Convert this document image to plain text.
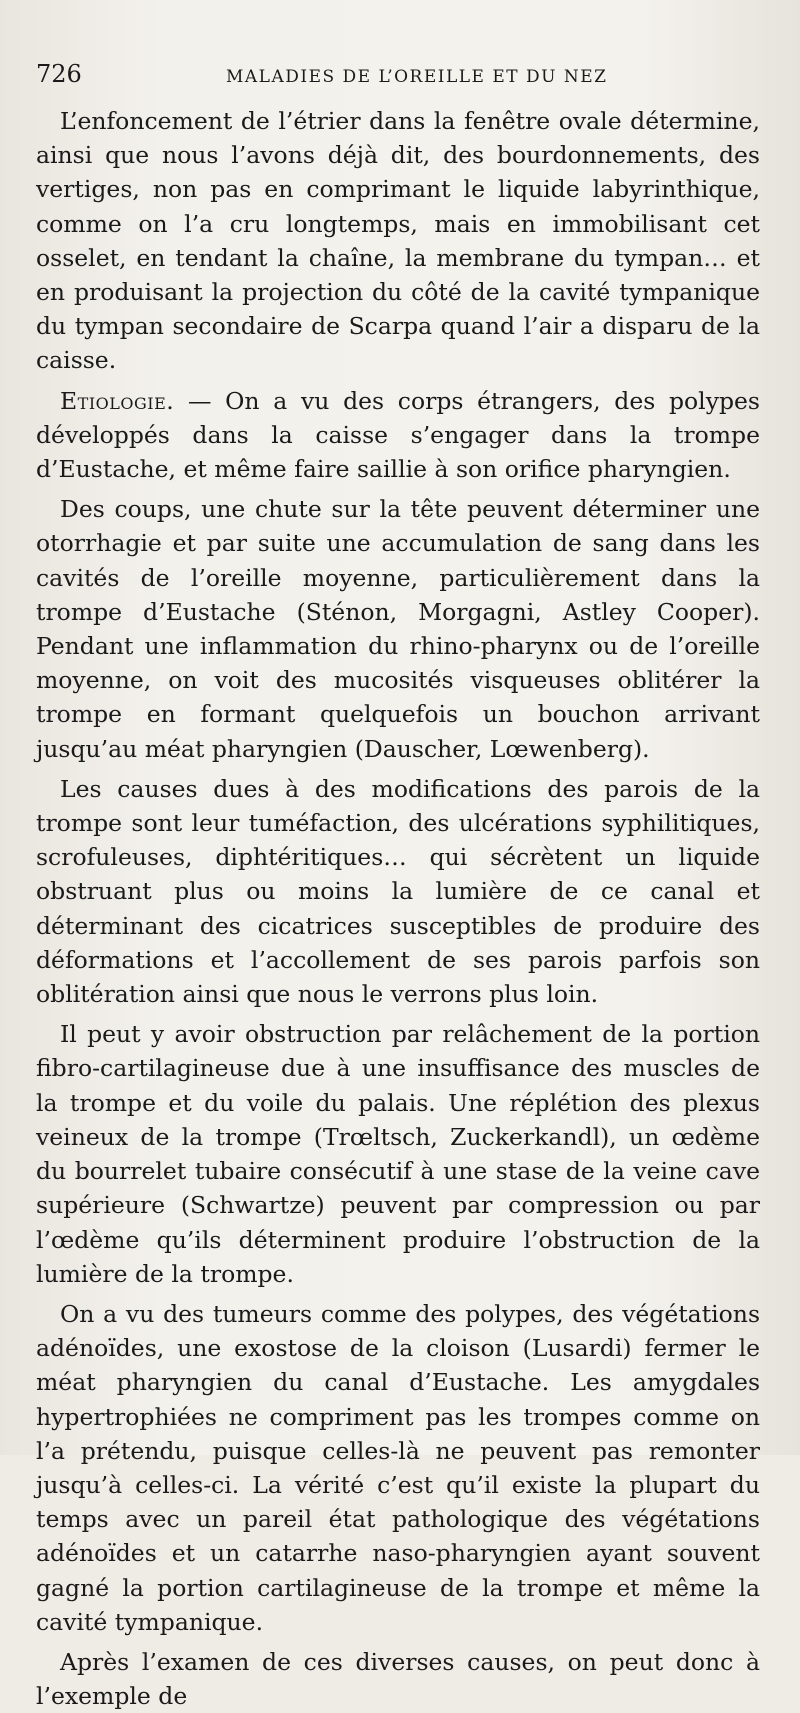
726	MALADIES DE L’OREILLE ET DU NEZ

L’enfoncement de l’étrier dans la fenêtre ovale détermine, ainsi que nous l’avons déjà dit, des bourdonnements, des vertiges, non pas en comprimant le liquide labyrinthique, comme on l’a cru longtemps, mais en immobilisant cet osselet, en tendant la chaîne, la membrane du tympan… et en produisant la projection du côté de la cavité tympanique du tympan secondaire de Scarpa quand l’air a disparu de la caisse.

Etiologie. — On a vu des corps étrangers, des polypes développés dans la caisse s’engager dans la trompe d’Eustache, et même faire saillie à son orifice pharyngien.

Des coups, une chute sur la tête peuvent déterminer une otorrhagie et par suite une accumulation de sang dans les cavités de l’oreille moyenne, particulièrement dans la trompe d’Eustache (Sténon, Morgagni, Astley Cooper). Pendant une inflammation du rhino-pharynx ou de l’oreille moyenne, on voit des mucosités visqueuses oblitérer la trompe en formant quelquefois un bouchon arrivant jusqu’au méat pharyngien (Dauscher, Lœwenberg).

Les causes dues à des modifications des parois de la trompe sont leur tuméfaction, des ulcérations syphilitiques, scrofuleuses, diphtéritiques… qui sécrètent un liquide obstruant plus ou moins la lumière de ce canal et déterminant des cicatrices susceptibles de produire des déformations et l’accollement de ses parois parfois son oblitération ainsi que nous le verrons plus loin.

Il peut y avoir obstruction par relâchement de la portion fibro-cartilagineuse due à une insuffisance des muscles de la trompe et du voile du palais. Une réplétion des plexus veineux de la trompe (Trœltsch, Zuckerkandl), un œdème du bourrelet tubaire consécutif à une stase de la veine cave supérieure (Schwartze) peuvent par compression ou par l’œdème qu’ils déterminent produire l’obstruction de la lumière de la trompe.

On a vu des tumeurs comme des polypes, des végétations adénoïdes, une exostose de la cloison (Lusardi) fermer le méat pharyngien du canal d’Eustache. Les amygdales hypertrophiées ne compriment pas les trompes comme on l’a prétendu, puisque celles-là ne peuvent pas remonter jusqu’à celles-ci. La vérité c’est qu’il existe la plupart du temps avec un pareil état pathologique des végétations adénoïdes et un catarrhe naso-pharyngien ayant souvent gagné la portion cartilagineuse de la trompe et même la cavité tympanique.

Après l’examen de ces diverses causes, on peut donc à l’exemple de
